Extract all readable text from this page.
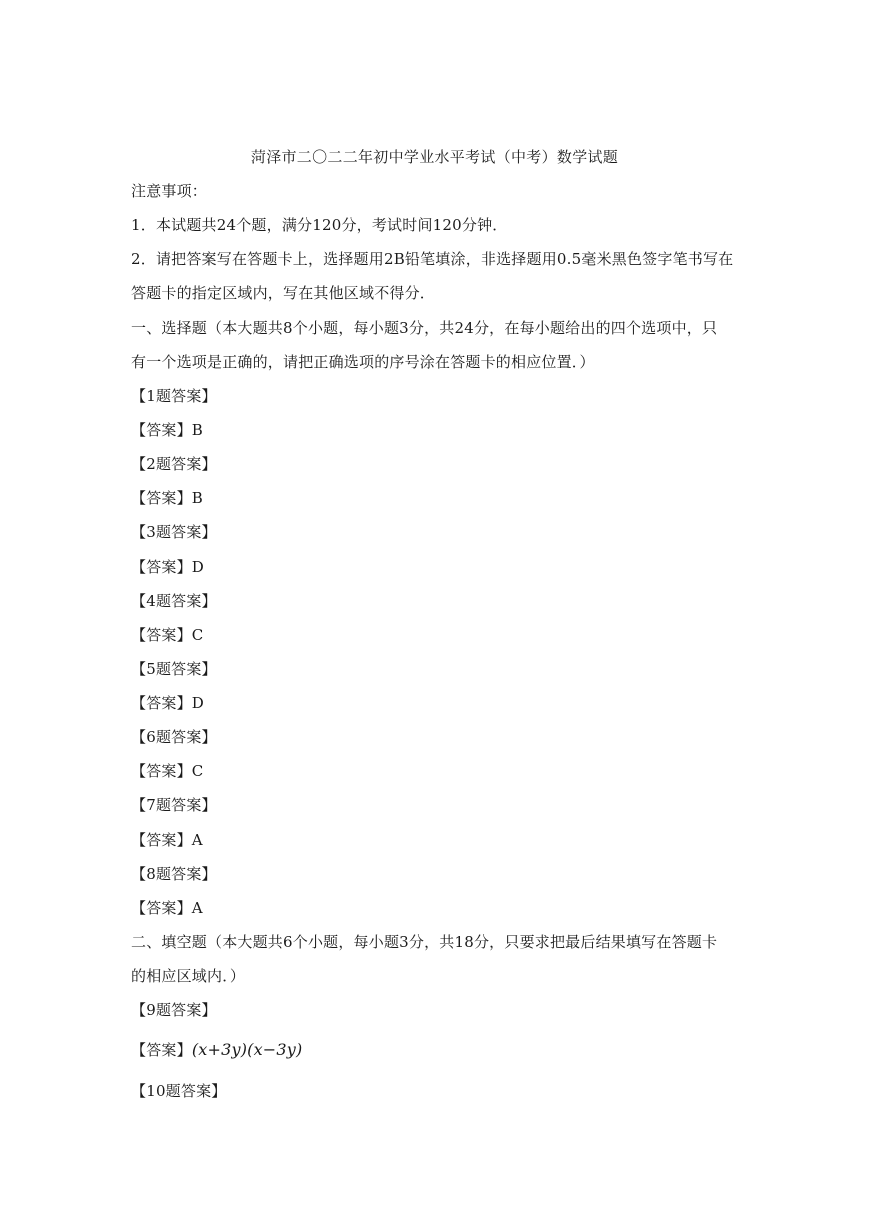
菏泽市二〇二二年初中学业水平考试（中考）数学试题
注意事项：
1．本试题共24个题，满分120分，考试时间120分钟．
2．请把答案写在答题卡上，选择题用2B铅笔填涂，非选择题用0.5毫米黑色签字笔书写在
答题卡的指定区域内，写在其他区域不得分．
一、选择题（本大题共8个小题，每小题3分，共24分，在每小题给出的四个选项中，只
有一个选项是正确的，请把正确选项的序号涂在答题卡的相应位置．）
【1题答案】
【答案】B
【2题答案】
【答案】B
【3题答案】
【答案】D
【4题答案】
【答案】C
【5题答案】
【答案】D
【6题答案】
【答案】C
【7题答案】
【答案】A
【8题答案】
【答案】A
二、填空题（本大题共6个小题，每小题3分，共18分，只要求把最后结果填写在答题卡
的相应区域内．）
【9题答案】
【答案】(x+3y)(x−3y)
【10题答案】
